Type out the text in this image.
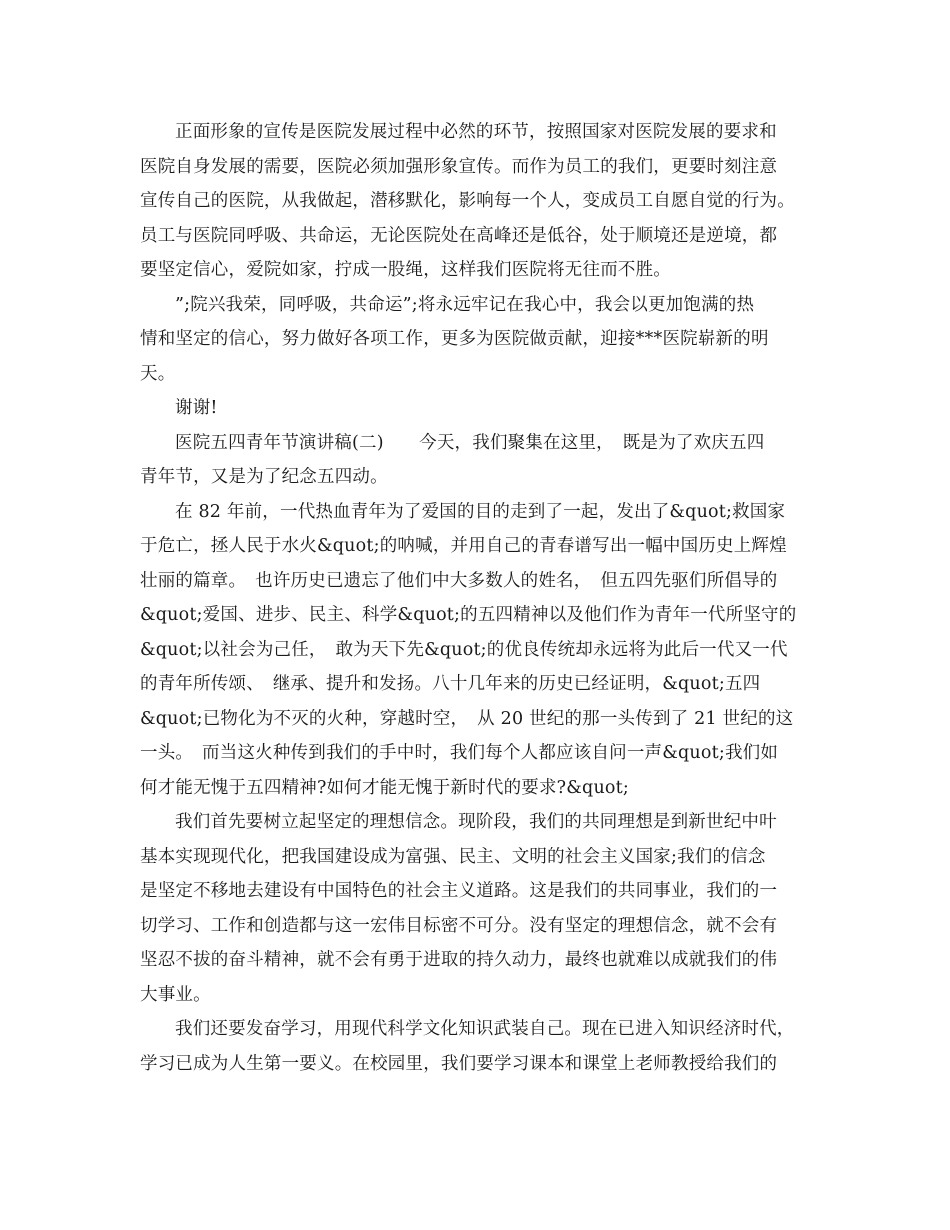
正面形象的宣传是医院发展过程中必然的环节，按照国家对医院发展的要求和
医院自身发展的需要，医院必须加强形象宣传。而作为员工的我们，更要时刻注意
宣传自己的医院，从我做起，潜移默化，影响每一个人，变成员工自愿自觉的行为。
员工与医院同呼吸、共命运，无论医院处在高峰还是低谷，处于顺境还是逆境，都
要坚定信心，爱院如家，拧成一股绳，这样我们医院将无往而不胜。
”;院兴我荣，同呼吸，共命运”;将永远牢记在我心中，我会以更加饱满的热
情和坚定的信心，努力做好各项工作，更多为医院做贡献，迎接***医院崭新的明
天。
谢谢!
医院五四青年节演讲稿(二)　　今天，我们聚集在这里，　既是为了欢庆五四
青年节，又是为了纪念五四动。
在 82 年前，一代热血青年为了爱国的目的走到了一起，发出了&quot;救国家
于危亡，拯人民于水火&quot;的呐喊，并用自己的青春谱写出一幅中国历史上辉煌
壮丽的篇章。　也许历史已遗忘了他们中大多数人的姓名，　但五四先驱们所倡导的
&quot;爱国、进步、民主、科学&quot;的五四精神以及他们作为青年一代所坚守的
&quot;以社会为己任，　敢为天下先&quot;的优良传统却永远将为此后一代又一代
的青年所传颂、　继承、提升和发扬。八十几年来的历史已经证明，&quot;五四
&quot;已物化为不灭的火种，穿越时空，　从 20 世纪的那一头传到了 21 世纪的这
一头。　而当这火种传到我们的手中时，我们每个人都应该自问一声&quot;我们如
何才能无愧于五四精神?如何才能无愧于新时代的要求?&quot;
我们首先要树立起坚定的理想信念。现阶段，我们的共同理想是到新世纪中叶
基本实现现代化，把我国建设成为富强、民主、文明的社会主义国家;我们的信念
是坚定不移地去建设有中国特色的社会主义道路。这是我们的共同事业，我们的一
切学习、工作和创造都与这一宏伟目标密不可分。没有坚定的理想信念，就不会有
坚忍不拔的奋斗精神，就不会有勇于进取的持久动力，最终也就难以成就我们的伟
大事业。
我们还要发奋学习，用现代科学文化知识武装自己。现在已进入知识经济时代，
学习已成为人生第一要义。在校园里，我们要学习课本和课堂上老师教授给我们的
